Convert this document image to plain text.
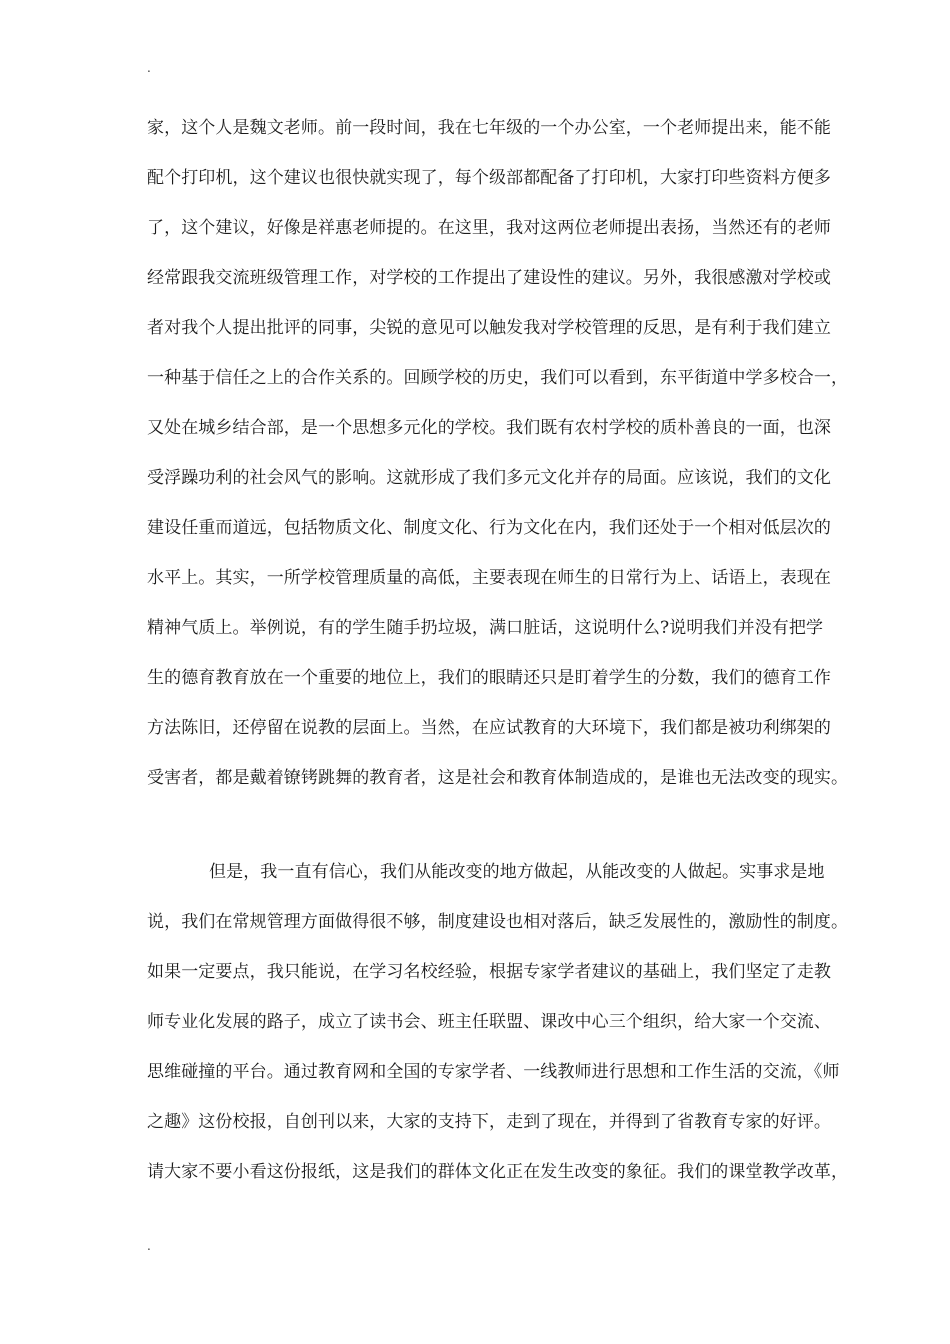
.
家，这个人是魏文老师。前一段时间，我在七年级的一个办公室，一个老师提出来，能不能
配个打印机，这个建议也很快就实现了，每个级部都配备了打印机，大家打印些资料方便多
了，这个建议，好像是祥惠老师提的。在这里，我对这两位老师提出表扬，当然还有的老师
经常跟我交流班级管理工作，对学校的工作提出了建设性的建议。另外，我很感激对学校或
者对我个人提出批评的同事，尖锐的意见可以触发我对学校管理的反思，是有利于我们建立
一种基于信任之上的合作关系的。回顾学校的历史，我们可以看到，东平街道中学多校合一，
又处在城乡结合部，是一个思想多元化的学校。我们既有农村学校的质朴善良的一面，也深
受浮躁功利的社会风气的影响。这就形成了我们多元文化并存的局面。应该说，我们的文化
建设任重而道远，包括物质文化、制度文化、行为文化在内，我们还处于一个相对低层次的
水平上。其实，一所学校管理质量的高低，主要表现在师生的日常行为上、话语上，表现在
精神气质上。举例说，有的学生随手扔垃圾，满口脏话，这说明什么?说明我们并没有把学
生的德育教育放在一个重要的地位上，我们的眼睛还只是盯着学生的分数，我们的德育工作
方法陈旧，还停留在说教的层面上。当然，在应试教育的大环境下，我们都是被功利绑架的
受害者，都是戴着镣铐跳舞的教育者，这是社会和教育体制造成的，是谁也无法改变的现实。
但是，我一直有信心，我们从能改变的地方做起，从能改变的人做起。实事求是地
说，我们在常规管理方面做得很不够，制度建设也相对落后，缺乏发展性的，激励性的制度。
如果一定要点，我只能说，在学习名校经验，根据专家学者建议的基础上，我们坚定了走教
师专业化发展的路子，成立了读书会、班主任联盟、课改中心三个组织，给大家一个交流、
思维碰撞的平台。通过教育网和全国的专家学者、一线教师进行思想和工作生活的交流，《师
之趣》这份校报，自创刊以来，大家的支持下，走到了现在，并得到了省教育专家的好评。
请大家不要小看这份报纸，这是我们的群体文化正在发生改变的象征。我们的课堂教学改革，
.
